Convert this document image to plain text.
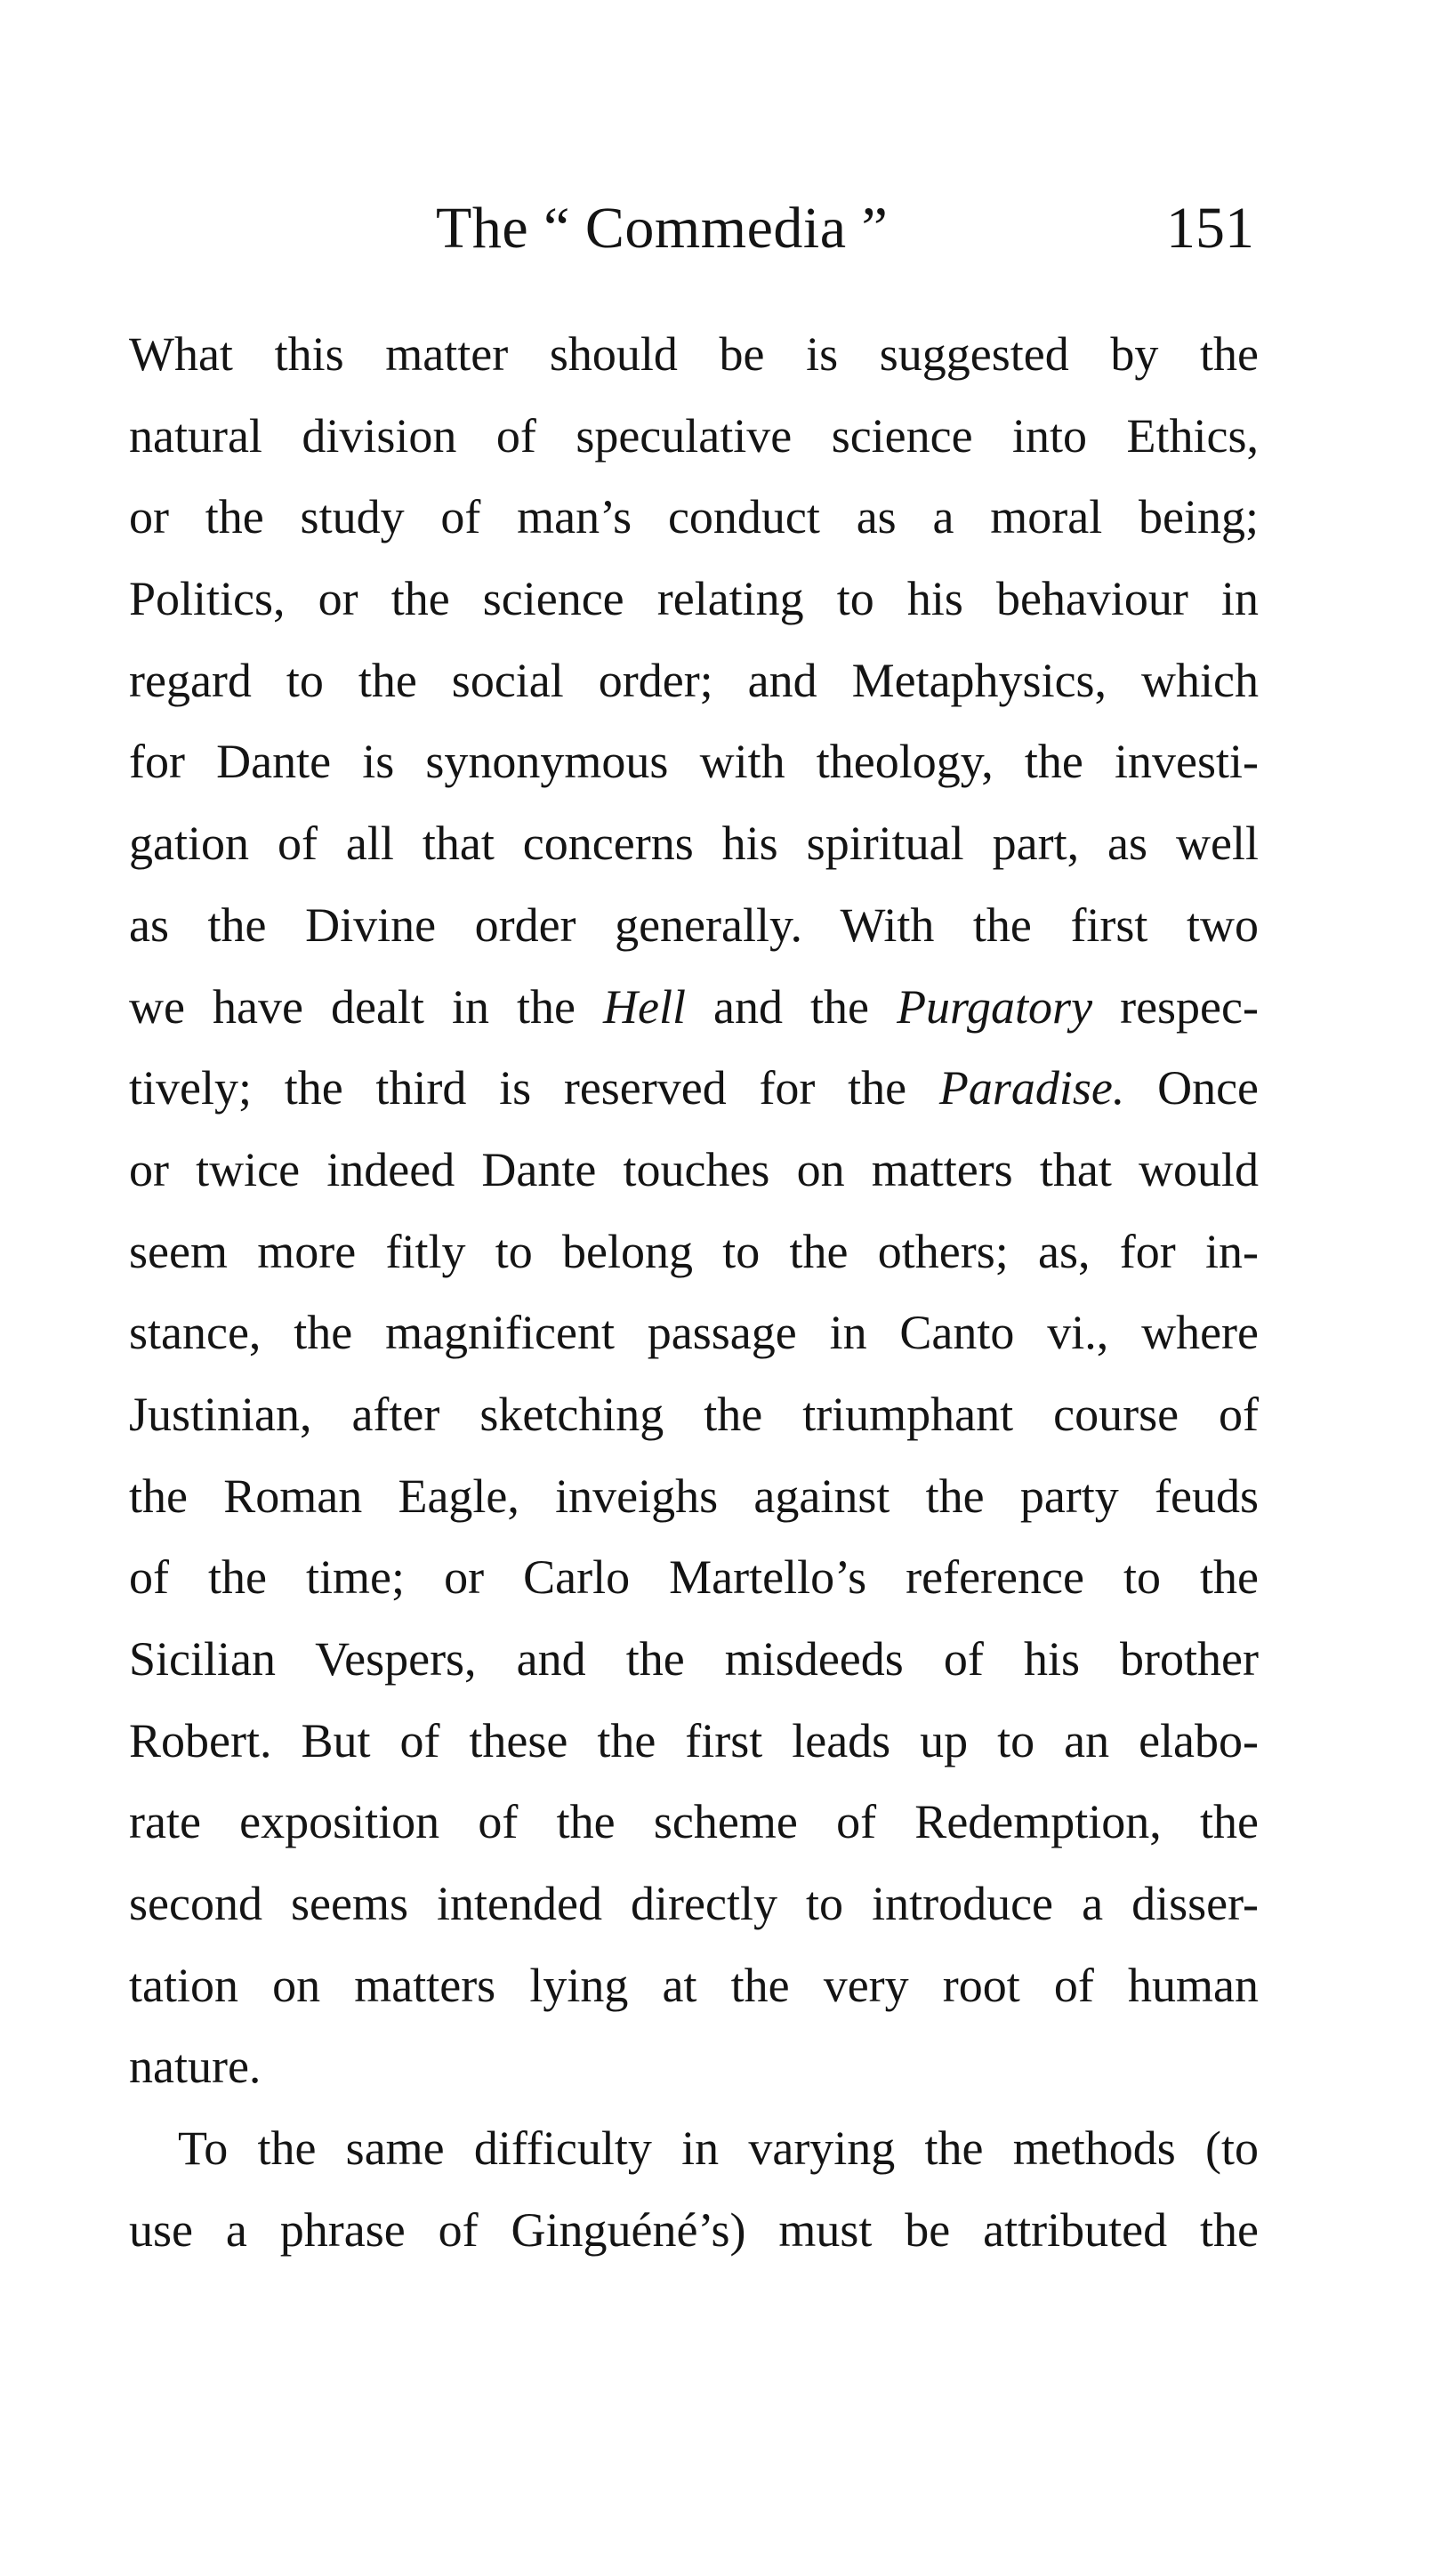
The “ Commedia ”	151
What this matter should be is suggested by the
natural division of speculative science into Ethics,
or the study of man’s conduct as a moral being;
Politics, or the science relating to his behaviour in
regard to the social order; and Metaphysics, which
for Dante is synonymous with theology, the investi-
gation of all that concerns his spiritual part, as well
as the Divine order generally. With the first two
we have dealt in the Hell and the Purgatory respec-
tively; the third is reserved for the Paradise. Once
or twice indeed Dante touches on matters that would
seem more fitly to belong to the others; as, for in-
stance, the magnificent passage in Canto vi., where
Justinian, after sketching the triumphant course of
the Roman Eagle, inveighs against the party feuds
of the time; or Carlo Martello’s reference to the
Sicilian Vespers, and the misdeeds of his brother
Robert. But of these the first leads up to an elabo-
rate exposition of the scheme of Redemption, the
second seems intended directly to introduce a disser-
tation on matters lying at the very root of human
nature.
To the same difficulty in varying the methods (to
use a phrase of Ginguéné’s) must be attributed the
